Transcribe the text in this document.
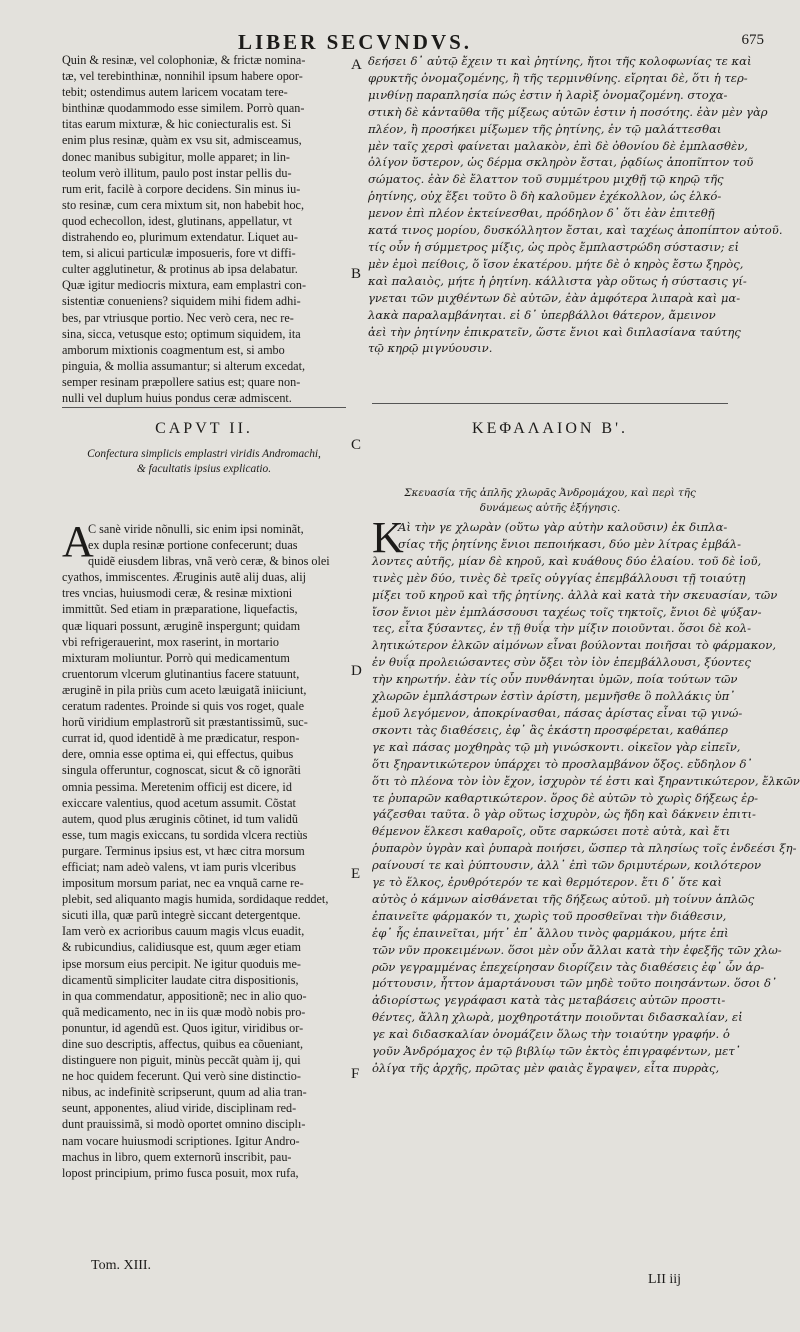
LIBER SECVNDVS.	675
Quin & resinæ, vel colophoniæ, & frictæ nomina-
tæ, vel terebinthinæ, nonnihil ipsum habere opor-
tebit; ostendimus autem laricem vocatam tere-
binthinæ quodammodo esse similem. Porrò quan-
titas earum mixturæ, & hic coniecturalis est. Si
enim plus resinæ, quàm ex vsu sit, admisceamus,
donec manibus subigitur, molle apparet; in lin-
teolum verò illitum, paulo post instar pellis du-
rum erit, facilè à corpore decidens. Sin minus iu-
sto resinæ, cum cera mixtum sit, non habebit hoc,
quod echecollon, idest, glutinans, appellatur, vt
distrahendo eo, plurimum extendatur. Liquet au-
tem, si alicui particulæ imposueris, fore vt diffi-
culter agglutinetur, & protinus ab ipsa delabatur.
Quæ igitur mediocris mixtura, eam emplastri con-
sistentiæ conueniens? siquidem mihi fidem adhi-
bes, par vtriusque portio. Nec verò cera, nec re-
sina, sicca, vetusque esto; optimum siquidem, ita
amborum mixtionis coagmentum est, si ambo
pinguia, & mollia assumantur; si alterum excedat,
semper resinam præpollere satius est; quare non-
nulli vel duplum huius pondus ceræ admiscent.
δεήσει δ᾽ αὐτῷ ἔχειν τι καὶ ῥητίνης, ἤτοι τῆς κολοφωνίας τε καὶ
φρυκτῆς ὀνομαζομένης, ἢ τῆς τερμινθίνης. εἴρηται δὲ, ὅτι ἡ τερ-
μινθίνῃ παραπλησία πώς ἐστιν ἡ λαρὶξ ὀνομαζομένη. στοχα-
στικὴ δὲ κἀνταῦθα τῆς μίξεως αὐτῶν ἐστιν ἡ ποσότης. ἐὰν μὲν γὰρ
πλέον, ἢ προσήκει μίξωμεν τῆς ῥητίνης, ἐν τῷ μαλάττεσθαι
μὲν ταῖς χερσὶ φαίνεται μαλακὸν, ἐπὶ δὲ ὀθονίου δὲ ἐμπλασθὲν,
ὀλίγον ὕστερον, ὡς δέρμα σκληρὸν ἔσται, ῥᾳδίως ἀποπῖπτον τοῦ
σώματος. ἐὰν δὲ ἔλαττον τοῦ συμμέτρου μιχθῇ τῷ κηρῷ τῆς
ῥητίνης, οὐχ ἕξει τοῦτο ὃ δὴ καλοῦμεν ἐχέκολλον, ὡς ἑλκό-
μενον ἐπὶ πλέον ἐκτείνεσθαι, πρόδηλον δ᾽ ὅτι ἐὰν ἐπιτεθῇ
κατά τινος μορίου, δυσκόλλητον ἔσται, καὶ ταχέως ἀποπίπτον αὐτοῦ.
τίς οὖν ἡ σύμμετρος μίξις, ὡς πρὸς ἔμπλαστρώδη σύστασιν; εἰ
μὲν ἐμοὶ πείθοις, ὅ ἴσον ἑκατέρου. μήτε δὲ ὁ κηρὸς ἔστω ξηρὸς,
καὶ παλαιὸς, μήτε ἡ ῥητίνη. κάλλιστα γὰρ οὕτως ἡ σύστασις γί-
γνεται τῶν μιχθέντων δὲ αὐτῶν, ἐὰν ἀμφότερα λιπαρὰ καὶ μα-
λακὰ παραλαμβάνηται. εἰ δ᾽ ὑπερβάλλοι θάτερον, ἄμεινον
ἀεὶ τὴν ῥητίνην ἐπικρατεῖν, ὥστε ἔνιοι καὶ διπλασίανα ταύτης
τῷ κηρῷ μιγνύουσιν.
A
B
C
D
E
F
CAPVT II.	ΚΕΦΑΛΑΙΟΝ Β'.
Confectura simplicis emplastri viridis Andromachi,
& facultatis ipsius explicatio.
Σκευασία τῆς ἁπλῆς χλωρᾶς Ἀνδρομάχου, καὶ περὶ τῆς
δυνάμεως αὐτῆς ἐξήγησις.
A	Κ
C sanè viride nõnulli, sic enim ipsi nominãt,
ex dupla resinæ portione confecerunt; duas
quidẽ eiusdem libras, vnã verò ceræ, & binos olei
cyathos, immiscentes. Æruginis autẽ alij duas, alij
tres vncias, huiusmodi ceræ, & resinæ mixtioni
immittũt. Sed etiam in præparatione, liquefactis,
quæ liquari possunt, æruginẽ inspergunt; quidam
vbi refrigerauerint, mox raserint, in mortario
mixturam moliuntur. Porrò qui medicamentum
cruentorum vlcerum glutinantius facere statuunt,
æruginẽ in pila priùs cum aceto læuigatã iniiciunt,
ceratum radentes. Proinde si quis vos roget, quale
horũ viridium emplastrorũ sit præstantissimũ, suc-
currat id, quod identidẽ à me prædicatur, respon-
dere, omnia esse optima ei, qui effectus, quibus
singula offeruntur, cognoscat, sicut & cõ ignorãti
omnia pessima. Meretenim officij est dicere, id
exiccare valentius, quod acetum assumit. Cõstat
autem, quod plus æruginis cõtinet, id tum validũ
esse, tum magis exiccans, tu sordida vlcera rectiùs
purgare. Terminus ipsius est, vt hæc citra morsum
efficiat; nam adeò valens, vt iam puris vlceribus
impositum morsum pariat, nec ea vnquã carne re-
plebit, sed aliquanto magis humida, sordidaque reddet,
sicuti illa, quæ parũ integrè siccant detergentque.
Iam verò ex acrioribus cauum magis vlcus euadit,
& rubicundius, calidiusque est, quum æger etiam
ipse morsum eius percipit. Ne igitur quoduis me-
dicamentũ simpliciter laudate citra dispositionis,
in qua commendatur, appositionẽ; nec in alio quo-
quã medicamento, nec in iis quæ modò nobis pro-
ponuntur, id agendũ est. Quos igitur, viridibus or-
dine suo descriptis, affectus, quibus ea cõueniant,
distinguere non piguit, minùs peccãt quàm ij, qui
ne hoc quidem fecerunt. Qui verò sine distinctio-
nibus, ac indefinitè scripserunt, quum ad alia tran-
seunt, apponentes, aliud viride, disciplinam red-
dunt prauissimã, si modò oportet omnino disciplı-
nam vocare huiusmodi scriptiones. Igitur Andro-
machus in libro, quem externorũ inscribit, pau-
lopost principium, primo fusca posuit, mox rufa,
Αὶ τὴν γε χλωρὰν (οὕτω γὰρ αὐτὴν καλοῦσιν) ἐκ διπλα-
σίας τῆς ῥητίνης ἔνιοι πεποιήκασι, δύο μὲν λίτρας ἐμβάλ-
λοντες αὐτῆς, μίαν δὲ κηροῦ, καὶ κυάθους δύο ἐλαίου. τοῦ δὲ ἰοῦ,
τινὲς μὲν δύο, τινὲς δὲ τρεῖς οὐγγίας ἐπεμβάλλουσι τῇ τοιαύτῃ
μίξει τοῦ κηροῦ καὶ τῆς ῥητίνης. ἀλλὰ καὶ κατὰ τὴν σκευασίαν, τῶν
ἴσον ἔνιοι μὲν ἐμπλάσσουσι ταχέως τοῖς τηκτοῖς, ἔνιοι δὲ ψύξαν-
τες, εἶτα ξύσαντες, ἐν τῇ θυΐᾳ τὴν μίξιν ποιοῦνται. ὅσοι δὲ κολ-
λητικώτερον ἑλκῶν αἱμόνων εἶναι βούλονται ποιῆσαι τὸ φάρμακον,
ἐν θυΐᾳ προλειώσαντες σὺν ὄξει τὸν ἰὸν ἐπεμβάλλουσι, ξύοντες
τὴν κηρωτήν. ἐὰν τίς οὖν πυνθάνηται ὑμῶν, ποία τούτων τῶν
χλωρῶν ἐμπλάστρων ἐστὶν ἀρίστη, μεμνῆσθε ὃ πολλάκις ὑπ᾽
ἐμοῦ λεγόμενον, ἀποκρίνασθαι, πάσας ἀρίστας εἶναι τῷ γινώ-
σκοντι τὰς διαθέσεις, ἐφ᾽ ἃς ἑκάστη προσφέρεται, καθάπερ
γε καὶ πάσας μοχθηρὰς τῷ μὴ γινώσκοντι. οἰκεῖον γὰρ εἰπεῖν,
ὅτι ξηραντικώτερον ὑπάρχει τὸ προσλαμβάνον ὄξος. εὔδηλον δ᾽
ὅτι τὸ πλέονα τὸν ἰὸν ἔχον, ἰσχυρὸν τέ ἐστι καὶ ξηραντικώτερον, ἔλκῶν
τε ῥυπαρῶν καθαρτικώτερον. ὅρος δὲ αὐτῶν τὸ χωρὶς δήξεως ἐρ-
γάζεσθαι ταῦτα. ὃ γὰρ οὕτως ἰσχυρὸν, ὡς ἤδη καὶ δάκνειν ἐπιτι-
θέμενον ἕλκεσι καθαροῖς, οὔτε σαρκώσει ποτὲ αὐτὰ, καὶ ἔτι
ῥυπαρὸν ὑγρὰν καὶ ῥυπαρὰ ποιήσει, ὥσπερ τὰ πλησίως τοῖς ἐνδεέσι ξη-
ραίνουσί τε καὶ ῥύπτουσιν, ἀλλ᾽ ἐπὶ τῶν δριμυτέρων, κοιλότερον
γε τὸ ἕλκος, ἐρυθρότερόν τε καὶ θερμότερον. ἔτι δ᾽ ὅτε καὶ
αὐτὸς ὁ κάμνων αἰσθάνεται τῆς δήξεως αὐτοῦ. μὴ τοίνυν ἁπλῶς
ἐπαινεῖτε φάρμακόν τι, χωρὶς τοῦ προσθεῖναι τὴν διάθεσιν,
ἐφ᾽ ἧς ἐπαινεῖται, μήτ᾽ ἐπ᾽ ἄλλου τινὸς φαρμάκου, μήτε ἐπὶ
τῶν νῦν προκειμένων. ὅσοι μὲν οὖν ἄλλαι κατὰ τὴν ἐφεξῆς τῶν χλω-
ρῶν γεγραμμένας ἐπεχείρησαν διορίζειν τὰς διαθέσεις ἐφ᾽ ὧν ἁρ-
μόττουσιν, ἧττον ἁμαρτάνουσι τῶν μηδὲ τοῦτο ποιησάντων. ὅσοι δ᾽
ἀδιορίστως γεγράφασι κατὰ τὰς μεταβάσεις αὐτῶν προστι-
θέντες, ἄλλη χλωρὰ, μοχθηροτάτην ποιοῦνται διδασκαλίαν, εἰ
γε καὶ διδασκαλίαν ὀνομάζειν ὅλως τὴν τοιαύτην γραφήν. ὁ
γοῦν Ἀνδρόμαχος ἐν τῷ βιβλίῳ τῶν ἐκτὸς ἐπιγραφέντων, μετ᾽
ὀλίγα τῆς ἀρχῆς, πρῶτας μὲν φαιὰς ἔγραψεν, εἶτα πυρρὰς,
Tom. XIII.
LII iij
